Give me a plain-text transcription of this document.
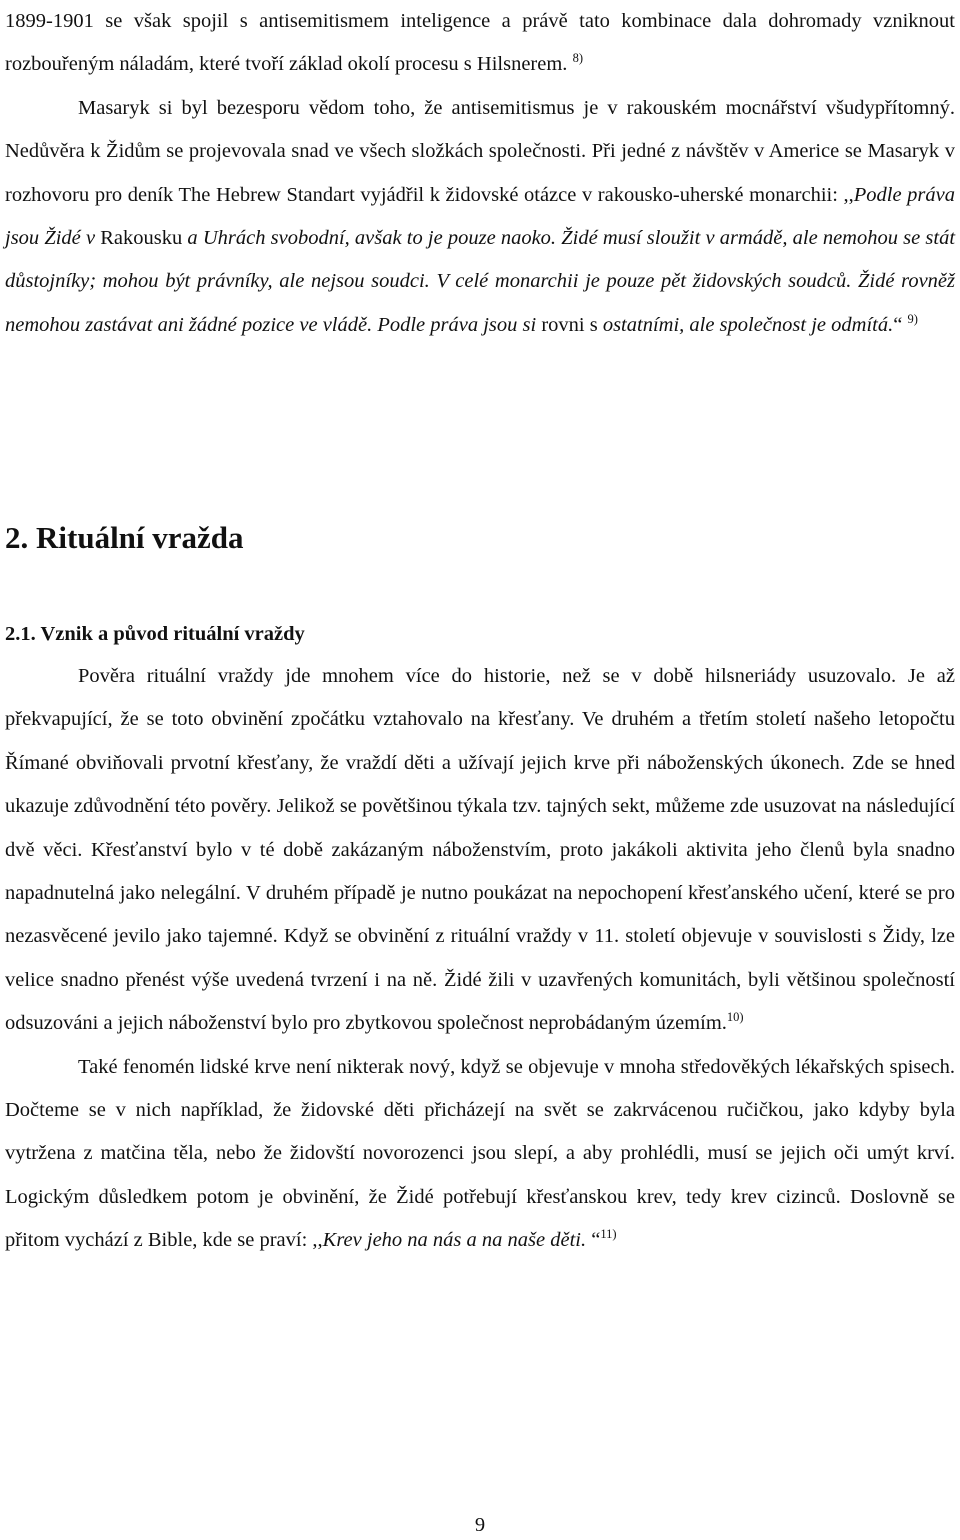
1899-1901 se však spojil s antisemitismem inteligence a právě tato kombinace dala dohromady vzniknout rozbouřeným náladám, které tvoří základ okolí procesu s Hilsnerem. $^{8)}$

Masaryk si byl bezesporu vědom toho, že antisemitismus je v rakouském mocnářství všudypřítomný. Nedůvěra k Židům se projevovala snad ve všech složkách společnosti. Při jedné z návštěv v Americe se Masaryk v rozhovoru pro deník The Hebrew Standart vyjádřil k židovské otázce v rakousko-uherské monarchii: ,,Podle práva jsou Židé v Rakousku a Uhrách svobodní, avšak to je pouze naoko. Židé musí sloužit v armádě, ale nemohou se stát důstojníky; mohou být právníky, ale nejsou soudci. V celé monarchii je pouze pět židovských soudců. Židé rovněž nemohou zastávat ani žádné pozice ve vládě. Podle práva jsou si rovni s ostatními, ale společnost je odmítá.“ $^{9)}$

2. Rituální vražda
2.1. Vznik a původ rituální vraždy

Pověra rituální vraždy jde mnohem více do historie, než se v době hilsneriády usuzovalo. Je až překvapující, že se toto obvinění zpočátku vztahovalo na křesťany. Ve druhém a třetím století našeho letopočtu Římané obviňovali prvotní křesťany, že vraždí děti a užívají jejich krve při náboženských úkonech. Zde se hned ukazuje zdůvodnění této pověry. Jelikož se povětšinou týkala tzv. tajných sekt, můžeme zde usuzovat na následující dvě věci. Křesťanství bylo v té době zakázaným náboženstvím, proto jakákoli aktivita jeho členů byla snadno napadnutelná jako nelegální. V druhém případě je nutno poukázat na nepochopení křesťanského učení, které se pro nezasvěcené jevilo jako tajemné. Když se obvinění z rituální vraždy v 11. století objevuje v souvislosti s Židy, lze velice snadno přenést výše uvedená tvrzení i na ně. Židé žili v uzavřených komunitách, byli většinou společností odsuzováni a jejich náboženství bylo pro zbytkovou společnost neprobádaným územím.$^{10)}$

Také fenomén lidské krve není nikterak nový, když se objevuje v mnoha středověkých lékařských spisech. Dočteme se v nich například, že židovské děti přicházejí na svět se zakrvácenou ručičkou, jako kdyby byla vytržena z matčina těla, nebo že židovští novorozenci jsou slepí, a aby prohlédli, musí se jejich oči umýt krví. Logickým důsledkem potom je obvinění, že Židé potřebují křesťanskou krev, tedy krev cizinců. Doslovně se přitom vychází z Bible, kde se praví: ,,Krev jeho na nás a na naše děti. “$^{11)}$

9
